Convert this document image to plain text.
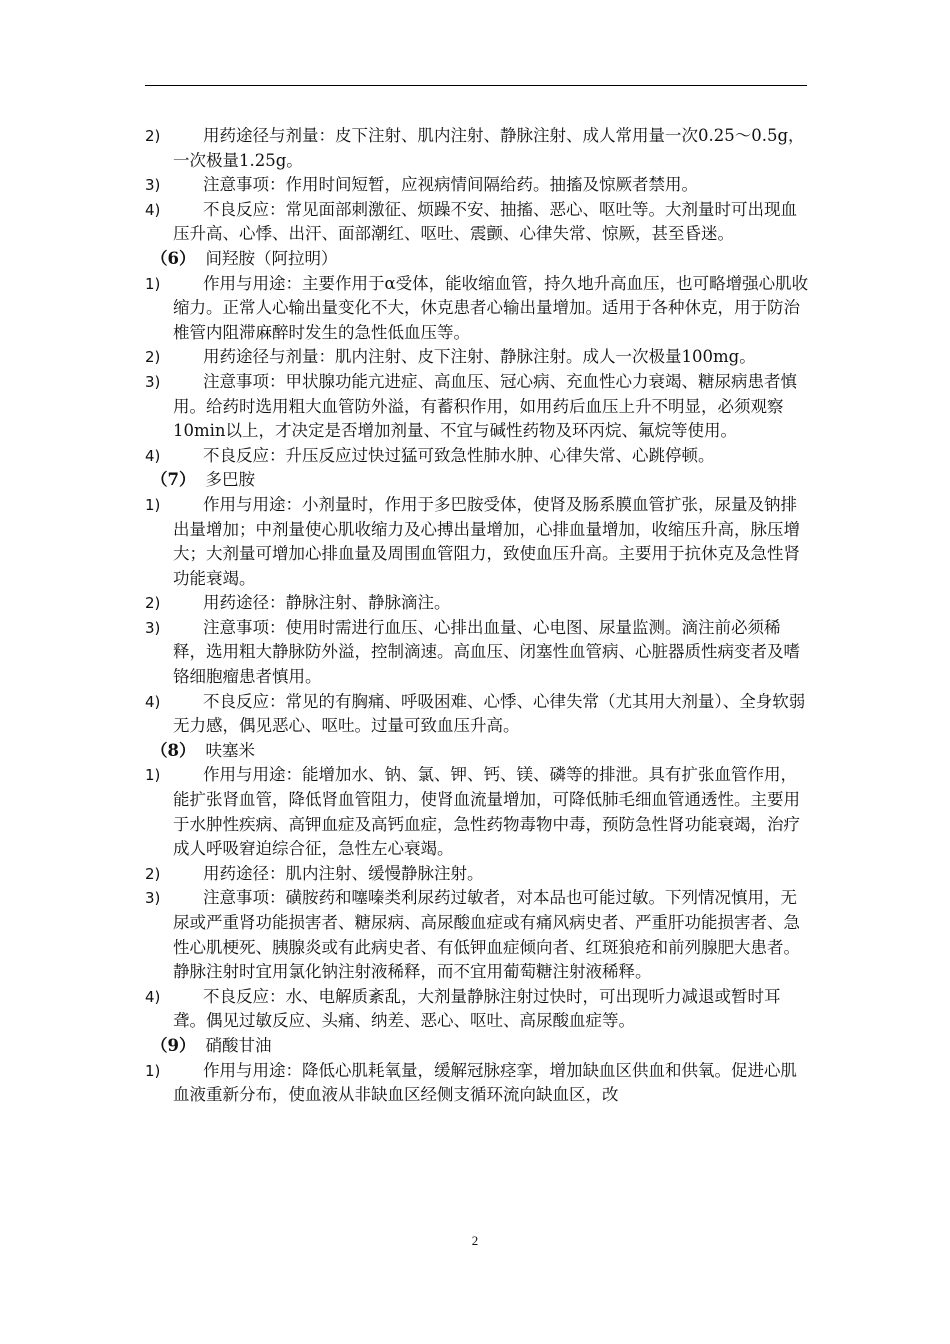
2)	用药途径与剂量：皮下注射、肌内注射、静脉注射、成人常用量一次0.25～0.5g，一次极量1.25g。
3)	注意事项：作用时间短暂，应视病情间隔给药。抽搐及惊厥者禁用。
4)	不良反应：常见面部刺激征、烦躁不安、抽搐、恶心、呕吐等。大剂量时可出现血压升高、心悸、出汗、面部潮红、呕吐、震颤、心律失常、惊厥，甚至昏迷。
（6） 间羟胺（阿拉明）
1)	作用与用途：主要作用于α受体，能收缩血管，持久地升高血压，也可略增强心肌收缩力。正常人心输出量变化不大，休克患者心输出量增加。适用于各种休克，用于防治椎管内阻滞麻醉时发生的急性低血压等。
2)	用药途径与剂量：肌内注射、皮下注射、静脉注射。成人一次极量100mg。
3)	注意事项：甲状腺功能亢进症、高血压、冠心病、充血性心力衰竭、糖尿病患者慎用。给药时选用粗大血管防外溢，有蓄积作用，如用药后血压上升不明显，必须观察10min以上，才决定是否增加剂量、不宜与碱性药物及环丙烷、氟烷等使用。
4)	不良反应：升压反应过快过猛可致急性肺水肿、心律失常、心跳停顿。
（7） 多巴胺
1)	作用与用途：小剂量时，作用于多巴胺受体，使肾及肠系膜血管扩张，尿量及钠排出量增加；中剂量使心肌收缩力及心搏出量增加，心排血量增加，收缩压升高，脉压增大；大剂量可增加心排血量及周围血管阻力，致使血压升高。主要用于抗休克及急性肾功能衰竭。
2)	用药途径：静脉注射、静脉滴注。
3)	注意事项：使用时需进行血压、心排出血量、心电图、尿量监测。滴注前必须稀释，选用粗大静脉防外溢，控制滴速。高血压、闭塞性血管病、心脏器质性病变者及嗜铬细胞瘤患者慎用。
4)	不良反应：常见的有胸痛、呼吸困难、心悸、心律失常（尤其用大剂量）、全身软弱无力感，偶见恶心、呕吐。过量可致血压升高。
（8） 呋塞米
1)	作用与用途：能增加水、钠、氯、钾、钙、镁、磷等的排泄。具有扩张血管作用，能扩张肾血管，降低肾血管阻力，使肾血流量增加，可降低肺毛细血管通透性。主要用于水肿性疾病、高钾血症及高钙血症，急性药物毒物中毒，预防急性肾功能衰竭，治疗成人呼吸窘迫综合征，急性左心衰竭。
2)	用药途径：肌内注射、缓慢静脉注射。
3)	注意事项：磺胺药和噻嗪类利尿药过敏者，对本品也可能过敏。下列情况慎用，无尿或严重肾功能损害者、糖尿病、高尿酸血症或有痛风病史者、严重肝功能损害者、急性心肌梗死、胰腺炎或有此病史者、有低钾血症倾向者、红斑狼疮和前列腺肥大患者。静脉注射时宜用氯化钠注射液稀释，而不宜用葡萄糖注射液稀释。
4)	不良反应：水、电解质紊乱，大剂量静脉注射过快时，可出现听力减退或暂时耳聋。偶见过敏反应、头痛、纳差、恶心、呕吐、高尿酸血症等。
（9） 硝酸甘油
1)	作用与用途：降低心肌耗氧量，缓解冠脉痉挛，增加缺血区供血和供氧。促进心肌血液重新分布，使血液从非缺血区经侧支循环流向缺血区，改
2
